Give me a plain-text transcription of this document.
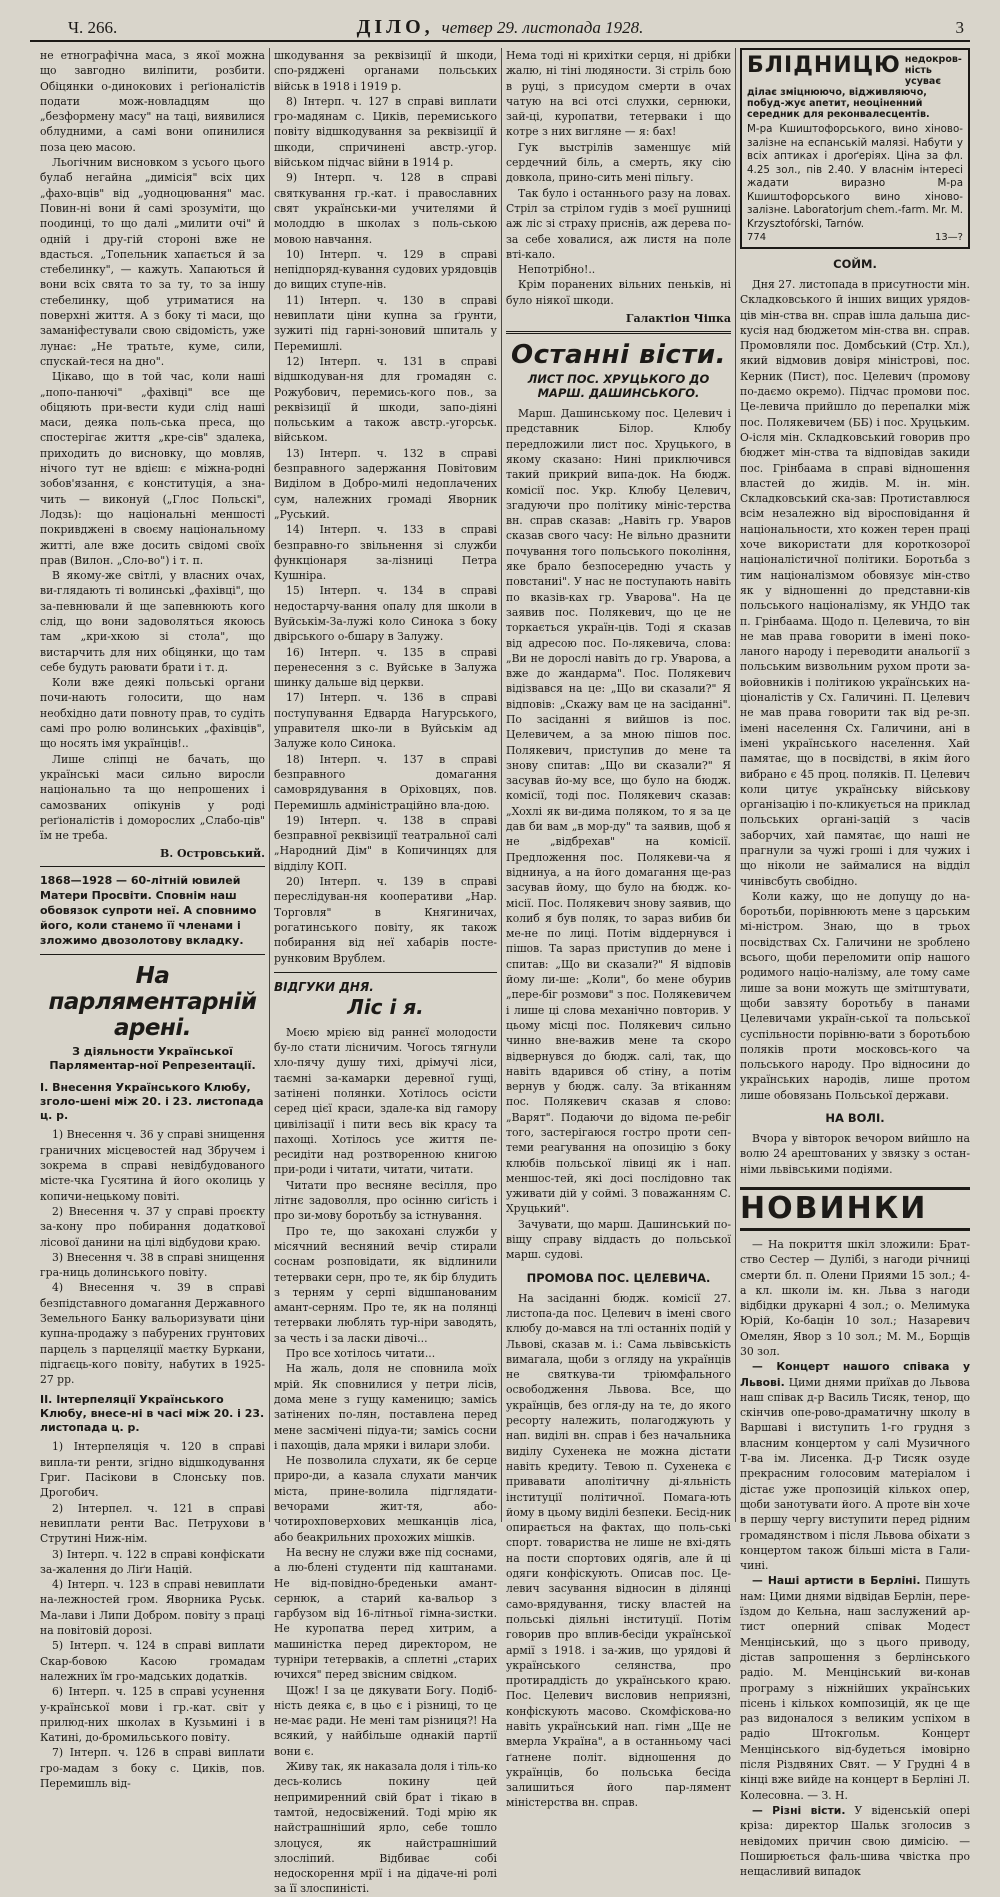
Ч. 266.	ДІЛО, четвер 29. листопада 1928.	3

не етнографічна маса, з якої можна що завгодно виліпити, розбити. Обіцянки о-динокових і реґіоналістів подати мож-новладцям що „безформену масу" на таці, виявилися облудними, а самі вони опинилися поза цею масою.

Льогічним висновком з усього цього булаб негайна „димісія" всіх цих „фахо-вців" від „уодноцювання" мас. Повин-ні вони й самі зрозуміти, що поодинці, то що далі „милити очі" й одній і дру-гій стороні вже не вдасться. „Топельник хапається й за стебелинку", — кажуть. Хапаються й вони всіх свята то за ту, то за іншу стебелинку, щоб утриматися на поверхні життя. А з боку ті маси, що заманіфестували свою свідомість, уже лунає: „Не тратьте, куме, сили, спускай-теся на дно".

Цікаво, що в той час, коли наші „попо-панючі" „фахівці" все ще обіцяють при-вести куди слід наші маси, деяка поль-ська преса, що спостерігає життя „кре-сів" здалека, приходить до висновку, що мовляв, нічого тут не вдієш: є міжна-родні зобов'язання, є конституція, а зна-чить — виконуй („Глос Польскі", Лодзь): що національні меншості покривджені в своєму національному житті, але вже досить свідомі своїх прав (Вилон. „Сло-во") і т. п.

В якому-же світлі, у власних очах, ви-глядають ті волинські „фахівці", що за-певнювали й ще запевнюють кого слід, що вони задоволяться якоюсь там „кри-хкою зі стола", що вистарчить для них обіцянки, що там себе будуть раювати брати і т. д.

Коли вже деякі польські органи почи-нають голосити, що нам необхідно дати повноту прав, то судіть самі про ролю волинських „фахівців", що носять імя українців!..

Лише сліпці не бачать, що українські маси сильно виросли національно та що непрошених і самозваних опікунів у роді реґіоналістів і доморослих „Слабо-ців" їм не треба.

В. Островський.
1868—1928 — 60-літній ювилей Матери Просвіти. Сповнім наш обовязок супроти неї. А сповнимо його, коли станемо її членами і зложимо двозолотову вкладку.
На парляментарній арені.
З діяльности Української Парляментар-ної Репрезентації.
І. Внесення Українського Клюбу, зголо-шені між 20. і 23. листопада ц. р.

1) Внесення ч. 36 у справі знищення граничних місцевостей над Збручем і зокрема в справі невідбудованого місте-чка Гусятина й його околиць у копичи-нецькому повіті.

2) Внесення ч. 37 у справі проєкту за-кону про побирання додаткової лісової данини на цілі відбудови краю.

3) Внесення ч. 38 в справі знищення гра-ниць долинського повіту.

4) Внесення ч. 39 в справі безпідставного домагання Державного Земельного Банку вальоризувати ціни купна-продажу з пабурених грунтових парцель з парцеляції маєтку Буркани, підгаєць-кого повіту, набутих в 1925-27 рр.

ІІ. Інтерпеляції Українського Клюбу, внесе-ні в часі між 20. і 23. листопада ц. р.

1) Інтерпеляція ч. 120 в справі випла-ти ренти, згідно відшкодування Григ. Пасікови в Слонську пов. Дрогобич.

2) Інтерпел. ч. 121 в справі невиплати ренти Вас. Петрухови в Струтині Ниж-нім.

3) Інтерп. ч. 122 в справі конфіскати за-жалення до Ліґи Націй.

4) Інтерп. ч. 123 в справі невиплати на-лежностей гром. Яворника Руськ. Ма-лави і Липи Добром. повіту з праці на повітовій дорозі.

5) Інтерп. ч. 124 в справі виплати Скар-бовою Касою громадам належних їм гро-мадських додатків.

6) Інтерп. ч. 125 в справі усунення у-країнської мови і гр.-кат. світ у прилюд-них школах в Кузьмині і в Катині, до-бромильського повіту.

7) Інтерп. ч. 126 в справі виплати гро-мадам з боку с. Циків, пов. Перемишль від-

шкодування за реквізиції й шкоди, спо-ряджені органами польських військ в 1918 і 1919 р.

8) Інтерп. ч. 127 в справі виплати гро-мадянам с. Циків, перемиського повіту відшкодування за реквізиції й шкоди, спричинені австр.-угор. військом підчас війни в 1914 р.

9) Інтерп. ч. 128 в справі святкування гр.-кат. і православних свят українськи-ми учителями й молоддю в школах з поль-ською мовою навчання.

10) Інтерп. ч. 129 в справі непідпоряд-кування судових урядовців до вищих ступе-нів.

11) Інтерп. ч. 130 в справі невиплати ціни купна за ґрунти, зужиті під гарні-зоновий шпиталь у Перемишлі.

12) Інтерп. ч. 131 в справі відшкодуван-ня для громадян с. Рожубович, перемись-кого пов., за реквізиції й шкоди, запо-діяні польським а також австр.-угорськ. військом.

13) Інтерп. ч. 132 в справі безправного задержання Повітовим Виділом в Добро-милі недоплачених сум, належних громаді Яворник „Руський.

14) Інтерп. ч. 133 в справі безправно-го звільнення зі служби функціонаря за-лізниці Петра Кушніра.

15) Інтерп. ч. 134 в справі недостарчу-вання опалу для школи в Вуйськім-За-лужі коло Синока з боку двірського о-бшару в Залужу.

16) Інтерп. ч. 135 в справі перенесення з с. Вуйське в Залужа шинку дальше від церкви.

17) Інтерп. ч. 136 в справі поступування Едварда Нагурського, управителя шко-ли в Вуйськім ад Залуже коло Синока.

18) Інтерп. ч. 137 в справі безправного домагання самоврядування в Оріховцях, пов. Перемишль адміністраційно вла-дою.

19) Інтерп. ч. 138 в справі безправної реквізиції театральної салі „Народний Дім" в Копичинцях для відділу КОП.

20) Інтерп. ч. 139 в справі переслідуван-ня кооперативи „Нар. Торговля" в Княгиничах, рогатинського повіту, як також побирання від неї хабарів посте-рунковим Врублем.

ВІДГУКИ ДНЯ.
Ліс і я.

Моєю мрією від раннєї молодости бу-ло стати лісничим. Чогось тягнули хло-пячу душу тихі, дрімучі ліси, таємні за-камарки деревної гущі, затінені полянки. Хотілось осісти серед цієї краси, здале-ка від гамору цивілізації і пити весь вік красу та пахощі. Хотілось усе життя пе-ресидіти над розтворенною книгою при-роди і читати, читати, читати.

Читати про весняне весілля, про літнє задоволля, про осінню сиґість і про зи-мову боротьбу за істнування.

Про те, що закохані служби у місячний весняний вечір стирали соснам розповідати, як відлинили тетерваки серн, про те, як бір блудить з терням у серпі відшпанованим амант-серням. Про те, як на полянці тетерваки люблять тур-ніри заводять, за честь і за ласки дівочі...

Про все хотілось читати...

На жаль, доля не сповнила моїх мрій. Як сповнилися у петри лісів, дома мене з гущу каменицю; замісь затінених по-лян, поставлена перед мене засмічені підуа-ти; замісь сосни і пахощів, дала мряки і вилари злоби.

Не позволила слухати, як бе серце приро-ди, а казала слухати манчик міста, прине-волила підглядати-вечорами жит-тя, або-чотирохповерхових мешканців ліса, або беакрильних прохожих мішків.

На весну не служи вже під соснами, а лю-блені студенти під каштанами. Не від-повідно-бреденьки амант-сернюк, а старий ка-вальор з гарбузом від 16-літньої гімна-зистки. Не куропатва перед хитрим, а машиністка перед директором, не турніри тетерваків, а сплетні „старих ючихся" перед звісним свідком.

Щож! І за це дякувати Богу. Подіб-ність деяка є, в цьо є і різниці, то це не-має ради. Не мені там різниця?! На всякий, у найбільше однакій партії вони є.

Живу так, як наказала доля і тіль-ко десь-колись покину цей непримиренний свій брат і тікаю в тамтой, недосвіжений. Тоді мрію як найстрашніший ярло, себе тошло злоцуся, як найстрашніший злосліпий. Відбиває собі недоскорення мрії і на дідаче-ні ролі за її злоспиністі.

Нема тоді ні крихітки серця, ні дрібки жалю, ні тіні людяности. Зі стріль бою в руці, з присудом смерти в очах чатую на всі отсі слухки, сернюки, зай-ці, куропатви, тетерваки і що котре з них вигляне — я: бах!

Гук выстрілів заменшує мій сердечний біль, а смерть, яку сію довкола, прино-сить мені пільгу.

Так було і останнього разу на ловах. Стріл за стрілом гудів з моєї рушниці аж ліс зі страху приснів, аж дерева по-за себе ховалися, аж листя на поле вті-кало.

Непотрібно!..

Крім поранених вільних пеньків, ні було ніякої шкоди.

Галактіон Чіпка
Останні вісти.
ЛИСТ ПОС. ХРУЦЬКОГО ДО МАРШ. ДАШИНСЬКОГО.

Марш. Дашинському пос. Целевич і представник Білор. Клюбу передложили лист пос. Хруцького, в якому сказано: Нині приключився такий прикрий випа-док. На бюдж. комісії пос. Укр. Клюбу Целевич, згадуючи про політику мініс-терства вн. справ сказав: „Навіть гр. Уваров сказав свого часу: Не вільно дразнити почування того польського покоління, яке брало безпосередню участь у повстаниі". У нас не поступають навіть по вказів-ках гр. Уварова". На це заявив пос. Полякевич, що це не торкається україн-ців. Тоді я сказав від адресою пос. По-лякевича, слова: „Ви не дорослі навіть до гр. Уварова, а вже до жандарма". Пос. Полякевич відізвався на це: „Що ви сказали?" Я відповів: „Скажу вам це на засіданні". По засіданні я вийшов із пос. Целевичем, а за мною пішов пос. Полякевич, приступив до мене та знову спитав: „Що ви сказали?" Я засував йо-му все, що було на бюдж. комісії, тоді пос. Полякевич сказав: „Хохлі як ви-дима поляком, то я за це дав би вам „в мор-ду" та заявив, щоб я не „відбрехав" на комісії. Предложення пос. Полякеви-ча я віднинуа, а на його домагання ще-раз засував йому, що було на бюдж. ко-місії. Пос. Полякевич знову заявив, що колиб я був поляк, то зараз вибив би ме-не по лиці. Потім віддернувся і пішов. Та зараз приступив до мене і спитав: „Що ви сказали?" Я відповів йому ли-ше: „Коли", бо мене обурив „пере-біг розмови" з пос. Полякевичем і лише ці слова механічно повторив. У цьому місці пос. Полякевич сильно чинно вне-важив мене та скоро відвернувся до бюдж. салі, так, що навіть вдарився об стіну, а потім вернув у бюдж. салу. За втіканням пос. Полякевич сказав я слово: „Варят". Подаючи до відома пе-ребіг того, застерігаюся гостро проти сеп-теми реагування на опозицію з боку клюбів польської лівиці як і нап. меншос-тей, які досі послідовно так уживати дій у соймі. З поважанням С. Хруцький".

Зачувати, що марш. Дашинський по-віщу справу віддасть до польської марш. судові.

ПРОМОВА ПОС. ЦЕЛЕВИЧА.

На засіданні бюдж. комісії 27. листопа-да пос. Целевич в імені свого клюбу до-мався на тлі останніх подій у Львові, сказав м. і.: Сама львівськість вимагала, щоби з огляду на українців не святкува-ти тріюмфального освободження Львова. Все, що українців, без огля-ду на те, до якого ресорту належить, полагоджують у нап. виділі вн. справ і без начальника виділу Сухенека не можна дістати навіть кредиту. Тевою п. Сухенека є привавати аполітичну ді-яльність інституції політичної. Помага-ють йому в цьому виділі безпеки. Бесід-ник опирається на фактах, що поль-ські спорт. товариства не лише не вхі-дять на пости спортових одягів, але й ці одяги конфіскують. Описав пос. Це-левич засування відносин в ділянці само-врядування, тиску властей на польські діяльні інституції. Потім говорив про вплив-бесіди української армії з 1918. і за-жив, що урядові й українського селянства, про протираддість до українського краю. Пос. Целевич висловив неприязні, конфіскують масово. Скомфіскова-но навіть український нап. гімн „Ще не вмерла Україна", а в останньому часі ґатнене політ. відношення до українців, бо польська бесіда залишиться його пар-лямент міністерства вн. справ.

БЛІДНИЦЮ недокров-ність усуває
ділає зміцнюючо, відживляючо, побуд-жує апетит, неоціненний середник для реконвалесцентів.
М-ра Кшиштофорського, вино хіново-залізне на еспанській малязі. Набути у всіх аптиках і дроґеріях. Ціна за фл. 4.25 зол., пів 2.40. У власнім інтересі жадати виразно М-ра Кшиштофорського вино хіново-залізне. Laboratorjum chem.-farm. Mr. M. Krzysztofórski, Tarnów.
774	13—?
СОЙМ.

Дня 27. листопада в присутности мін. Складковського й інших вищих урядов-ців мін-ства вн. справ ішла дальша дис-кусія над бюджетом мін-ства вн. справ. Промовляли пос. Домбський (Стр. Хл.), який відмовив довіря міністрові, пос. Керник (Пист), пос. Целевич (промову по-даємо окремо). Підчас промови пос. Це-левича прийшло до перепалки між пос. Полякевичем (ББ) і пос. Хруцьким. О-ісля мін. Складковський говорив про бюджет мін-ства та відповідав закиди пос. Грінбаама в справі відношення властей до жидів. М. ін. мін. Складковський ска-зав: Протиставлюся всім незалежно від віросповідання й національности, хто кожен терен праці хоче використати для короткозорої націоналістичної політики. Боротьба з тим націоналізмом обовязує мін-ство як у відношенні до представни-ків польського націоналізму, як УНДО так п. Грінбаама. Щодо п. Целевича, то він не мав права говорити в імені поко-ланого народу і переводити анальогії з польським визвольним рухом проти за-войовників і політикою українських на-ціоналістів у Сх. Галичині. П. Целевич не мав права говорити так від ре-зп. імені населення Сх. Галичини, ані в імені українського населення. Хай памятає, що в посвідстві, в якім його вибрано є 45 проц. поляків. П. Целевич коли цитує українську військову організацію і по-кликується на приклад польських органі-зацій з часів заборчих, хай памятає, що наші не прагнули за чужі гроші і для чужих і що ніколи не займалися на відділ чинівсбуть свобідно.

Коли кажу, що не допущу до на-боротьби, порівнюють мене з царським мі-ністром. Знаю, що в трьох посвідствах Сх. Галичини не зроблено всього, щоби переломити опір нашого родимого націо-налізму, але тому саме лише за вони можуть ще змітштувати, щоби завзяту боротьбу в панами Целевичами україн-ської та польської суспільности порівню-вати з боротьбою поляків проти московсь-кого ча польського народу. Про відносини до українських народів, лише протом лише обовязань Польської держави.

НА ВОЛІ.

Вчора у вівторок вечором вийшло на волю 24 арештованих у звязку з остан-німи львівськими подіями.

НОВИНКИ

— На покриття шкіл зложили: Брат-ство Сестер — Дулібі, з нагоди річниці смерти бл. п. Олени Приями 15 зол.; 4-а кл. школи ім. кн. Льва з нагоди відбідки друкарні 4 зол.; о. Мелимука Юрій, Ко-бацін 10 зол.; Назаревич Омелян, Явор з 10 зол.; М. М., Борщів 30 зол.

— Концерт нашого співака у Львові. Цими днями приїхав до Львова наш співак д-р Василь Тисяк, тенор, що скінчив опе-рово-драматичну школу в Варшаві і виступить 1-го грудня з власним концертом у салі Музичного Т-ва ім. Лисенка. Д-р Тисяк озуде прекрасним голосовим матеріалом і дістає уже пропозицій кількох опер, щоби занотувати його. А проте він хоче в першу чергу виступити перед рідним громадянством і після Львова обіхати з концертом також більші міста в Гали-чині.

— Наші артисти в Берліні. Пишуть нам: Цими днями відвідав Берлін, пере-їздом до Кельна, наш заслужений ар-тист оперний співак Модест Менцінський, що з цього приводу, дістав запрошення з берлінського радіо. М. Менцінський ви-конав програму з ніжнійших українських пісень і кількох композицій, як це ще раз видоналося з великим успіхом в радіо Штокгольм. Концерт Менцінського від-будеться імовірно після Різдвяних Свят. — У Грудні 4 в кінці вже вийде на концерт в Берліні Л. Колесовна. — З. Н.

— Різні вісти. У віденській опері кріза: директор Шальк зголосив з невідомих причин свою димісію. — Поширюється фаль-шива чвістка про нещасливий випадок
